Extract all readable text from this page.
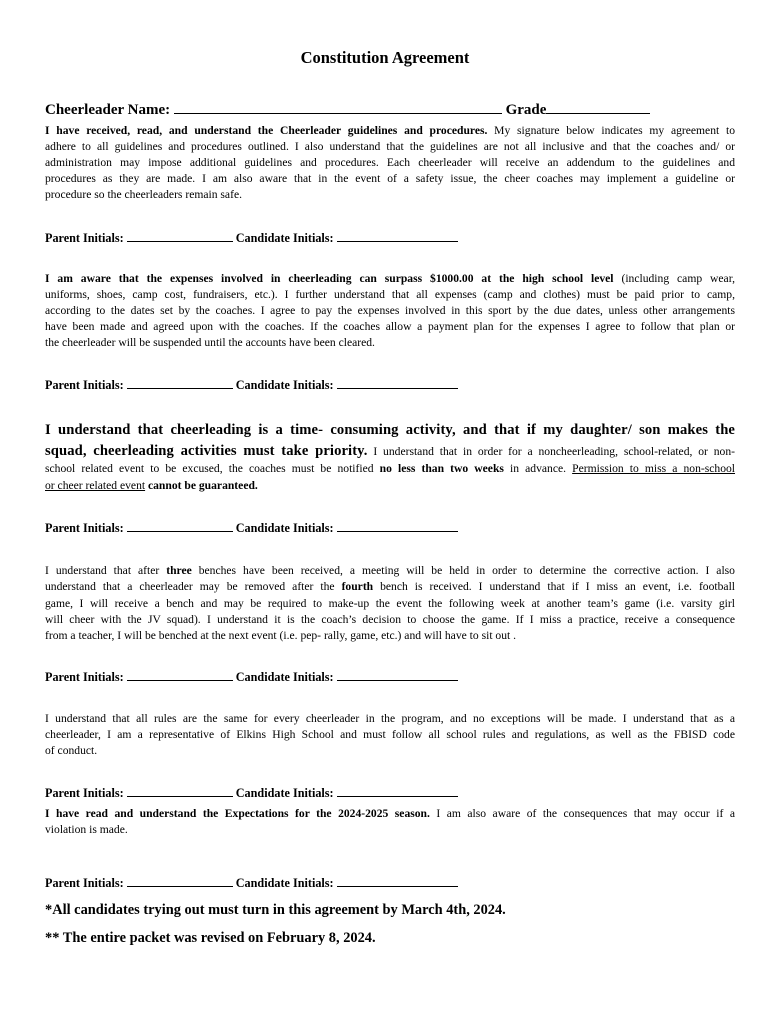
Constitution Agreement
Cheerleader Name:	Grade
I have received, read, and understand the Cheerleader guidelines and procedures. My signature below indicates my agreement to
adhere to all guidelines and procedures outlined. I also understand that the guidelines are not all inclusive and that the coaches and/ or
administration may impose additional guidelines and procedures. Each cheerleader will receive an addendum to the guidelines and
procedures as they are made. I am also aware that in the event of a safety issue, the cheer coaches may implement a guideline or
procedure so the cheerleaders remain safe.
Parent Initials:	Candidate Initials:
I am aware that the expenses involved in cheerleading can surpass $1000.00 at the high school level (including camp wear,
uniforms, shoes, camp cost, fundraisers, etc.). I further understand that all expenses (camp and clothes) must be paid prior to camp,
according to the dates set by the coaches. I agree to pay the expenses involved in this sport by the due dates, unless other arrangements
have been made and agreed upon with the coaches. If the coaches allow a payment plan for the expenses I agree to follow that plan or
the cheerleader will be suspended until the accounts have been cleared.
Parent Initials:	Candidate Initials:
I understand that cheerleading is a time- consuming activity, and that if my daughter/ son makes the
squad, cheerleading activities must take priority. I understand that in order for a noncheerleading, school-related, or non-
school related event to be excused, the coaches must be notified no less than two weeks in advance. Permission to miss a non-school
or cheer related event cannot be guaranteed.
Parent Initials:	Candidate Initials:
I understand that after three benches have been received, a meeting will be held in order to determine the corrective action. I also
understand that a cheerleader may be removed after the fourth bench is received. I understand that if I miss an event, i.e. football
game, I will receive a bench and may be required to make-up the event the following week at another team’s game (i.e. varsity girl
will cheer with the JV squad). I understand it is the coach’s decision to choose the game. If I miss a practice, receive a consequence
from a teacher, I will be benched at the next event (i.e. pep- rally, game, etc.) and will have to sit out .
Parent Initials:	Candidate Initials:
I understand that all rules are the same for every cheerleader in the program, and no exceptions will be made. I understand that as a
cheerleader, I am a representative of Elkins High School and must follow all school rules and regulations, as well as the FBISD code
of conduct.
Parent Initials:	Candidate Initials:
I have read and understand the Expectations for the 2024-2025 season. I am also aware of the consequences that may occur if a
violation is made.
Parent Initials:	Candidate Initials:
*All candidates trying out must turn in this agreement by March 4th, 2024.
** The entire packet was revised on February 8, 2024.
